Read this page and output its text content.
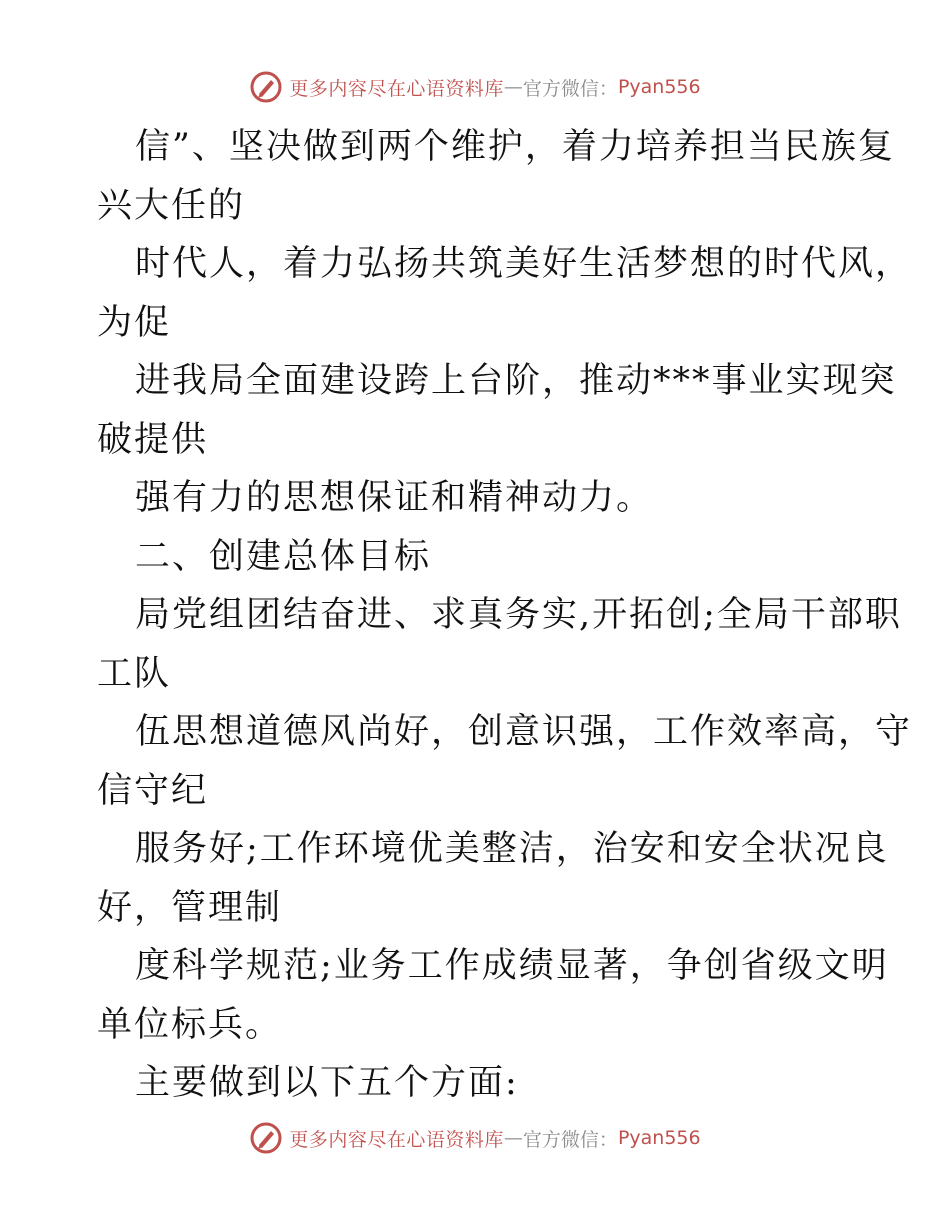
更多内容尽在心语资料库 — 官方微信： Pyan556
信”、坚决做到两个维护，着力培养担当民族复
兴大任的
时代人，着力弘扬共筑美好生活梦想的时代风，
为促
进我局全面建设跨上台阶，推动***事业实现突
破提供
强有力的思想保证和精神动力。
二、创建总体目标
局党组团结奋进、求真务实,开拓创;全局干部职
工队
伍思想道德风尚好，创意识强，工作效率高，守
信守纪
服务好;工作环境优美整洁，治安和安全状况良
好，管理制
度科学规范;业务工作成绩显著，争创省级文明
单位标兵。
主要做到以下五个方面:
更多内容尽在心语资料库 — 官方微信： Pyan556
